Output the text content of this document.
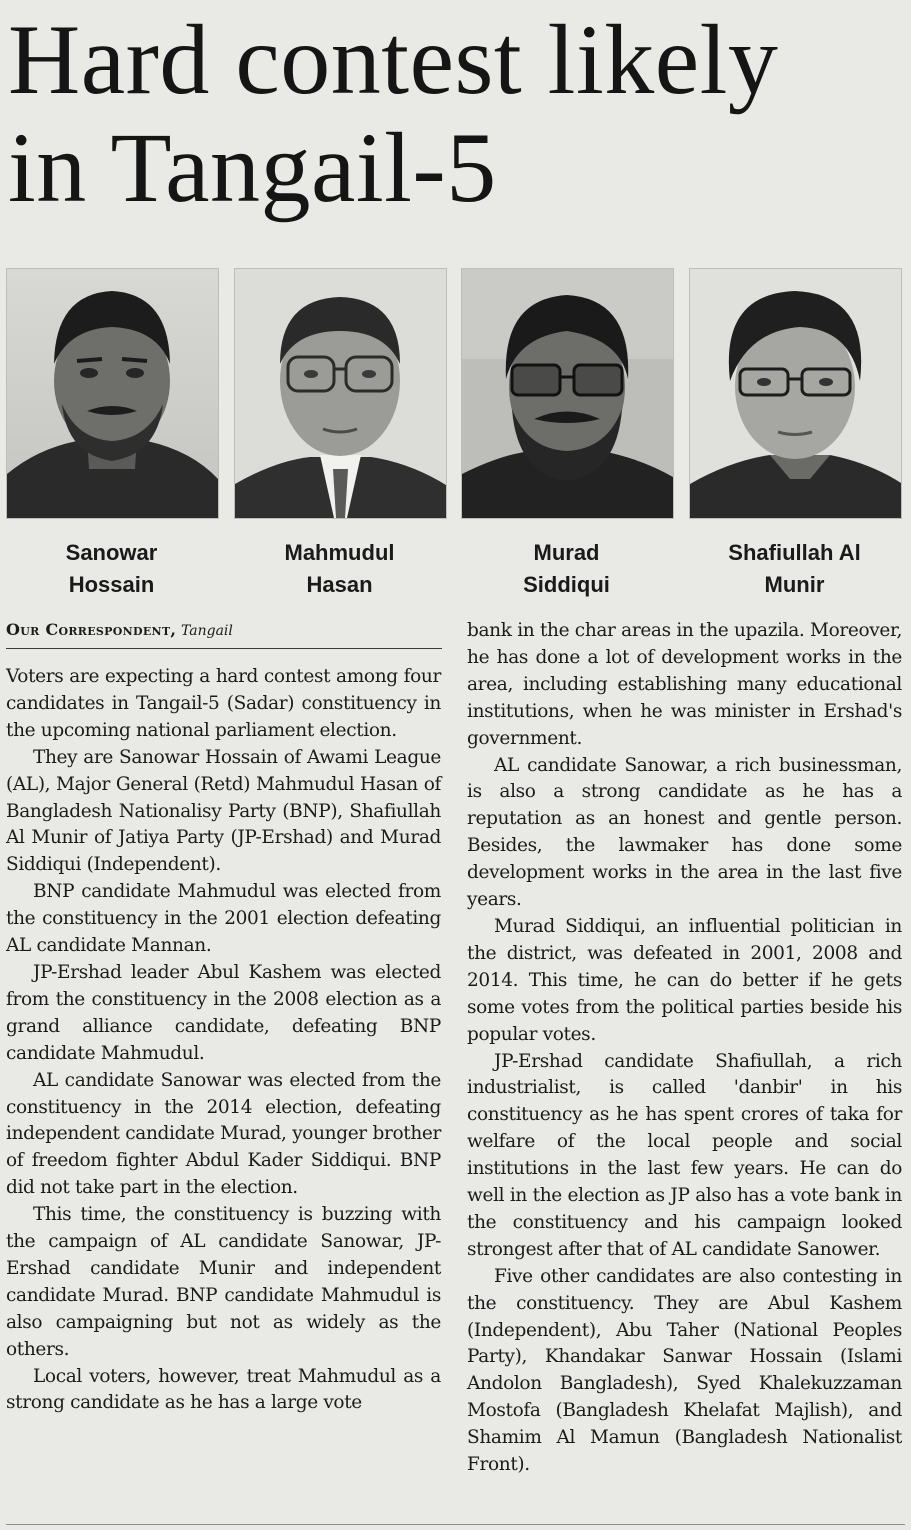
Hard contest likely
in Tangail-5
Sanowar
Hossain
Mahmudul
Hasan
Murad
Siddiqui
Shafiullah Al
Munir
Our Correspondent, Tangail

Voters are expecting a hard contest among four candidates in Tangail-5 (Sadar) constituency in the upcoming national parliament election.

They are Sanowar Hossain of Awami League (AL), Major General (Retd) Mahmudul Hasan of Bangladesh Nationalisy Party (BNP), Shafiullah Al Munir of Jatiya Party (JP-Ershad) and Murad Siddiqui (Independent).

BNP candidate Mahmudul was elected from the constituency in the 2001 election defeating AL candidate Mannan.

JP-Ershad leader Abul Kashem was elected from the constituency in the 2008 election as a grand alliance candidate, defeating BNP candidate Mahmudul.

AL candidate Sanowar was elected from the constituency in the 2014 election, defeating independent candidate Murad, younger brother of freedom fighter Abdul Kader Siddiqui. BNP did not take part in the election.

This time, the constituency is buzzing with the campaign of AL candidate Sanowar, JP-Ershad candidate Munir and independent candidate Murad. BNP candidate Mahmudul is also campaigning but not as widely as the others.

Local voters, however, treat Mahmudul as a strong candidate as he has a large vote

bank in the char areas in the upazila. Moreover, he has done a lot of development works in the area, including establishing many educational institutions, when he was minister in Ershad's government.

AL candidate Sanowar, a rich businessman, is also a strong candidate as he has a reputation as an honest and gentle person. Besides, the lawmaker has done some development works in the area in the last five years.

Murad Siddiqui, an influential politician in the district, was defeated in 2001, 2008 and 2014. This time, he can do better if he gets some votes from the political parties beside his popular votes.

JP-Ershad candidate Shafiullah, a rich industrialist, is called 'danbir' in his constituency as he has spent crores of taka for welfare of the local people and social institutions in the last few years. He can do well in the election as JP also has a vote bank in the constituency and his campaign looked strongest after that of AL candidate Sanower.

Five other candidates are also contesting in the constituency. They are Abul Kashem (Independent), Abu Taher (National Peoples Party), Khandakar Sanwar Hossain (Islami Andolon Bangladesh), Syed Khalekuzzaman Mostofa (Bangladesh Khelafat Majlish), and Shamim Al Mamun (Bangladesh Nationalist Front).
